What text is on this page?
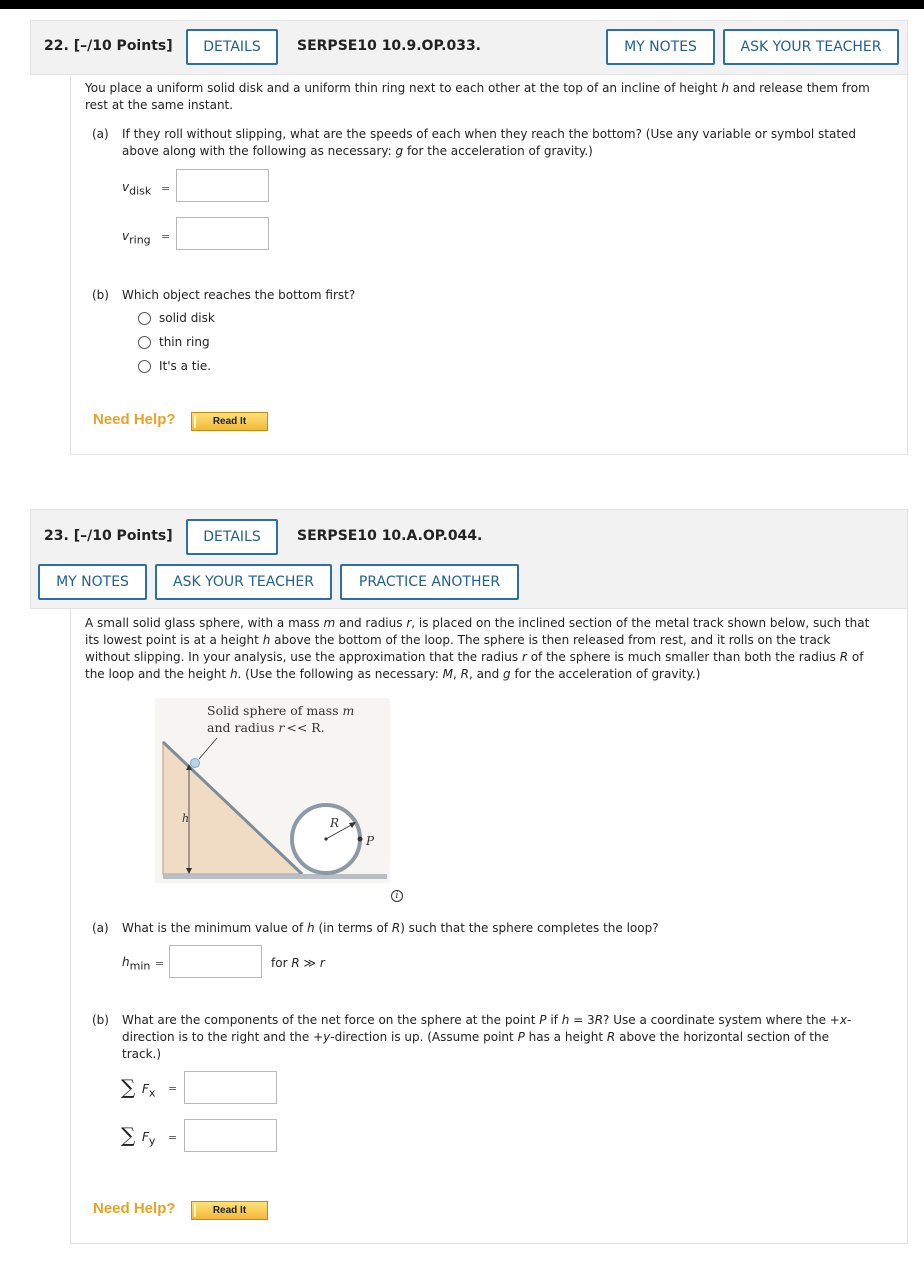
22. [–/10 Points]	DETAILS	SERPSE10 10.9.OP.033.	MY NOTES	ASK YOUR TEACHER
You place a uniform solid disk and a uniform thin ring next to each other at the top of an incline of height h and release them from
rest at the same instant.
(a) If they roll without slipping, what are the speeds of each when they reach the bottom? (Use any variable or symbol stated
above along with the following as necessary: g for the acceleration of gravity.)
$v_{disk}$ =
$v_{ring}$ =
(b) Which object reaches the bottom first?
solid disk
thin ring
It's a tie.
Need Help?	Read It
23. [–/10 Points]	DETAILS	SERPSE10 10.A.OP.044.
MY NOTES	ASK YOUR TEACHER	PRACTICE ANOTHER
A small solid glass sphere, with a mass m and radius r, is placed on the inclined section of the metal track shown below, such that
its lowest point is at a height h above the bottom of the loop. The sphere is then released from rest, and it rolls on the track
without slipping. In your analysis, use the approximation that the radius r of the sphere is much smaller than both the radius R of
the loop and the height h. (Use the following as necessary: M, R, and g for the acceleration of gravity.)
h	R
P
Solid sphere of mass m
and radius r << R.
i
(a) What is the minimum value of h (in terms of R) such that the sphere completes the loop?
$h_{min}$ =	for R ≫ r
(b) What are the components of the net force on the sphere at the point P if h = 3R? Use a coordinate system where the +x-
direction is to the right and the +y-direction is up. (Assume point P has a height R above the horizontal section of the
track.)
∑ $F_x$ =
∑ $F_y$ =
Need Help?	Read It
